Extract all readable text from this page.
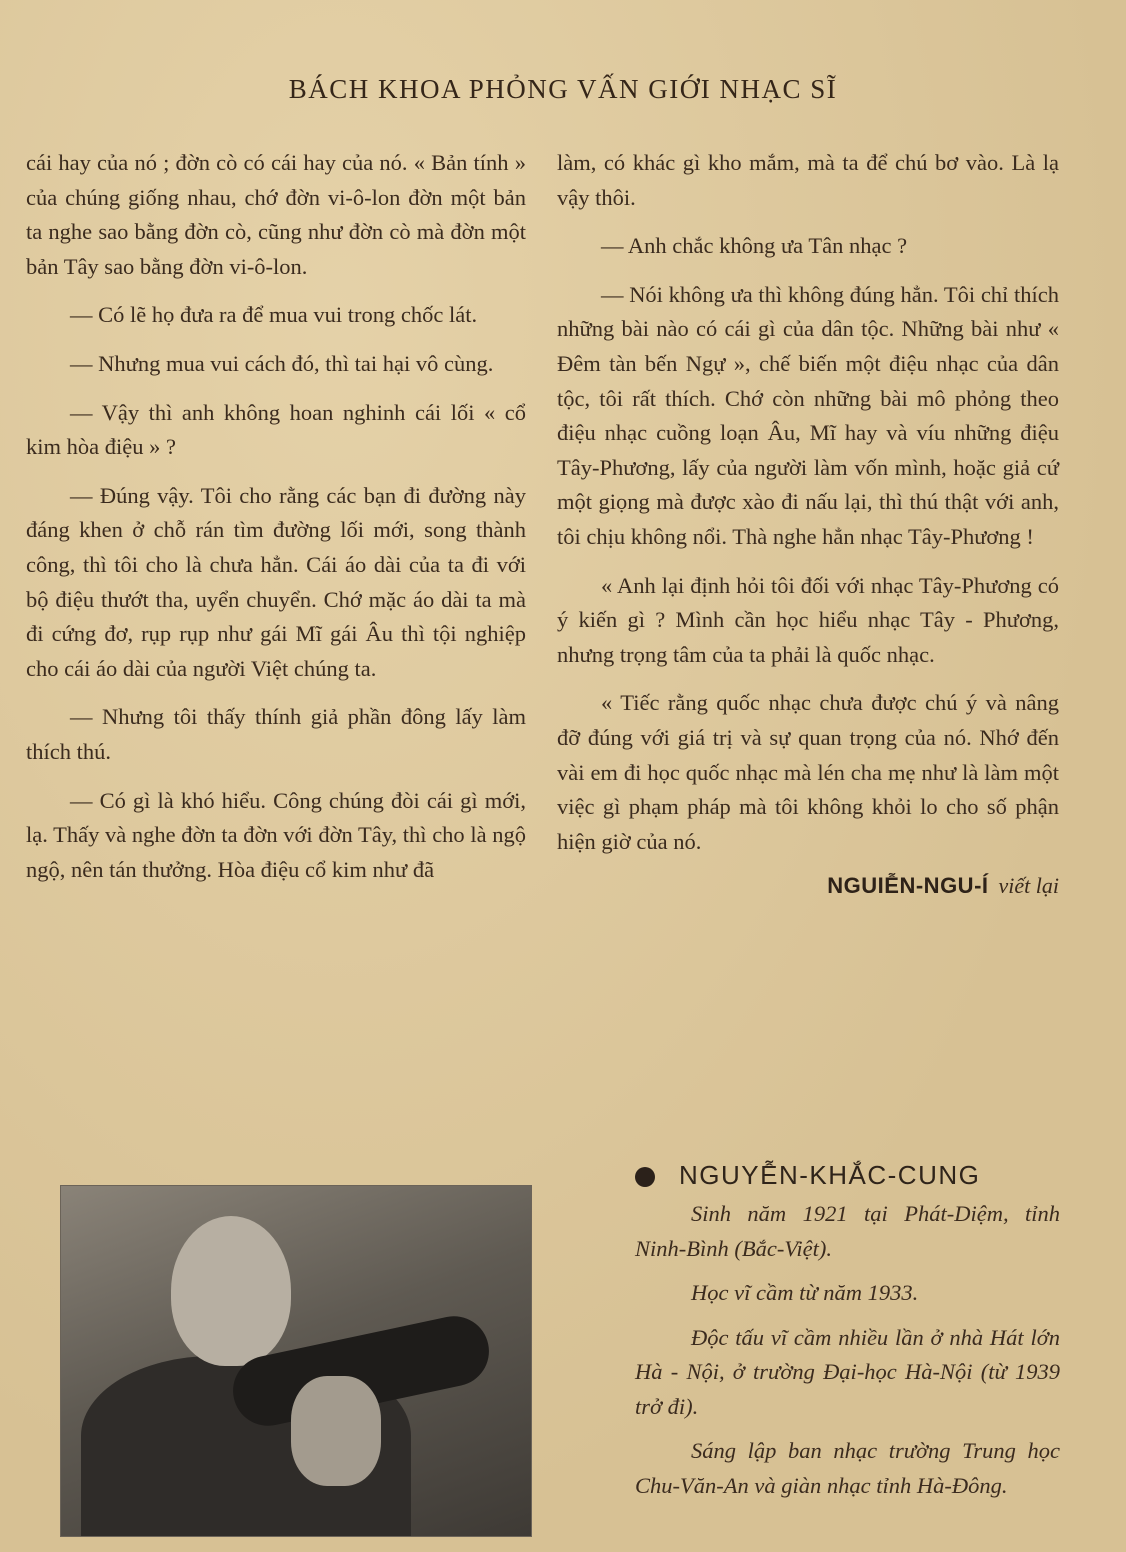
BÁCH KHOA PHỎNG VẤN GIỚI NHẠC SĨ

cái hay của nó ; đờn cò có cái hay của nó. « Bản tính » của chúng giống nhau, chớ đờn vi-ô-lon đờn một bản ta nghe sao bằng đờn cò, cũng như đờn cò mà đờn một bản Tây sao bằng đờn vi-ô-lon.

— Có lẽ họ đưa ra để mua vui trong chốc lát.

— Nhưng mua vui cách đó, thì tai hại vô cùng.

— Vậy thì anh không hoan nghinh cái lối « cổ kim hòa điệu » ?

— Đúng vậy. Tôi cho rằng các bạn đi đường này đáng khen ở chỗ rán tìm đường lối mới, song thành công, thì tôi cho là chưa hẳn. Cái áo dài của ta đi với bộ điệu thướt tha, uyển chuyển. Chớ mặc áo dài ta mà đi cứng đơ, rụp rụp như gái Mĩ gái Âu thì tội nghiệp cho cái áo dài của người Việt chúng ta.

— Nhưng tôi thấy thính giả phần đông lấy làm thích thú.

— Có gì là khó hiểu. Công chúng đòi cái gì mới, lạ. Thấy và nghe đờn ta đờn với đờn Tây, thì cho là ngộ ngộ, nên tán thưởng. Hòa điệu cổ kim như đã

làm, có khác gì kho mắm, mà ta để chú bơ vào. Là lạ vậy thôi.

— Anh chắc không ưa Tân nhạc ?

— Nói không ưa thì không đúng hẳn. Tôi chỉ thích những bài nào có cái gì của dân tộc. Những bài như « Đêm tàn bến Ngự », chế biến một điệu nhạc của dân tộc, tôi rất thích. Chớ còn những bài mô phỏng theo điệu nhạc cuồng loạn Âu, Mĩ hay và víu những điệu Tây-Phương, lấy của người làm vốn mình, hoặc giả cứ một giọng mà được xào đi nấu lại, thì thú thật với anh, tôi chịu không nổi. Thà nghe hẳn nhạc Tây-Phương !

« Anh lại định hỏi tôi đối với nhạc Tây-Phương có ý kiến gì ? Mình cần học hiểu nhạc Tây - Phương, nhưng trọng tâm của ta phải là quốc nhạc.

« Tiếc rằng quốc nhạc chưa được chú ý và nâng đỡ đúng với giá trị và sự quan trọng của nó. Nhớ đến vài em đi học quốc nhạc mà lén cha mẹ như là làm một việc gì phạm pháp mà tôi không khỏi lo cho số phận hiện giờ của nó.

NGUIỄN-NGU-Í viết lại
NGUYỄN-KHẮC-CUNG

Sinh năm 1921 tại Phát-Diệm, tỉnh Ninh-Bình (Bắc-Việt).

Học vĩ cầm từ năm 1933.

Độc tấu vĩ cầm nhiều lần ở nhà Hát lớn Hà - Nội, ở trường Đại-học Hà-Nội (từ 1939 trở đi).

Sáng lập ban nhạc trường Trung học Chu-Văn-An và giàn nhạc tỉnh Hà-Đông.
